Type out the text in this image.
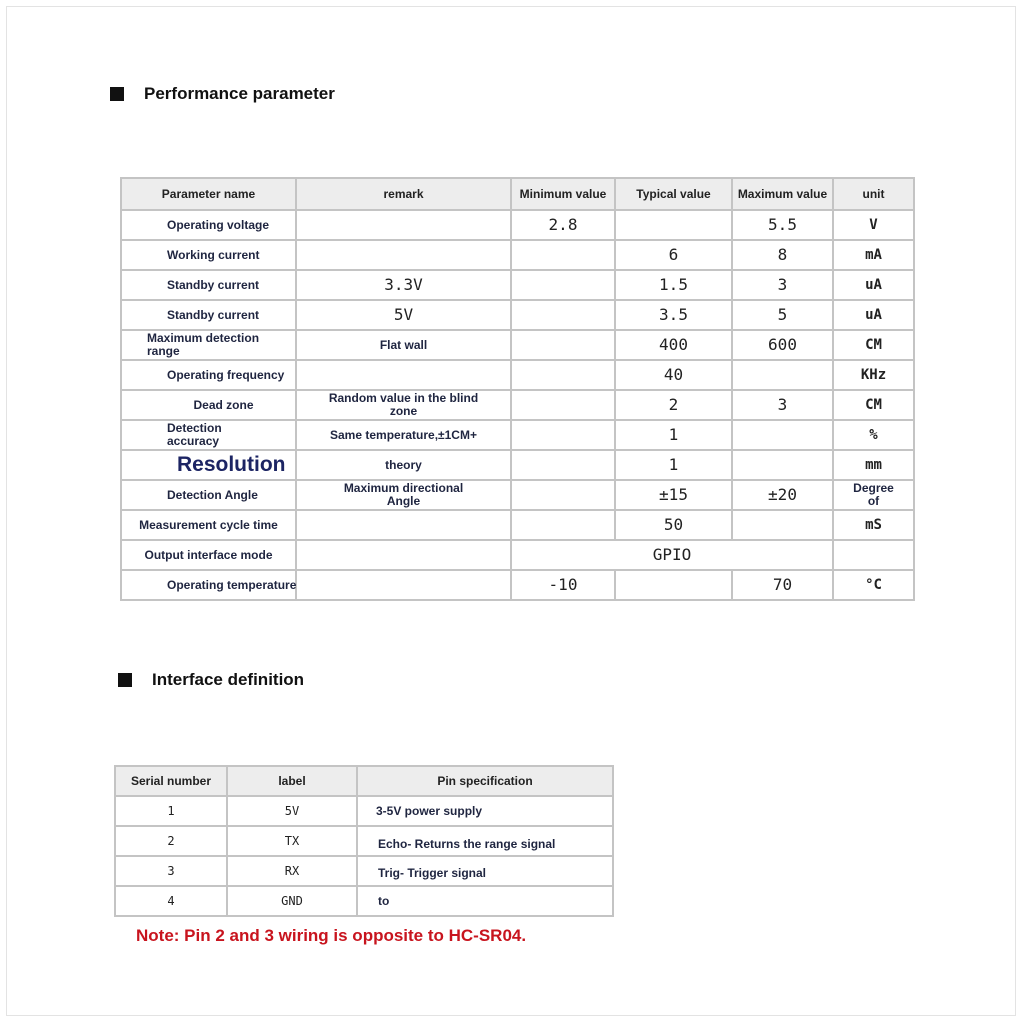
Performance parameter
Parameter name	remark	Minimum value	Typical value	Maximum value	unit
Operating voltage		2.8		5.5	V
Working current			6	8	mA
Standby current	3.3V		1.5	3	uA
Standby current	5V		3.5	5	uA
Maximum detection range	Flat wall		400	600	CM
Operating frequency			40		KHz
Dead zone	Random value in the blind zone		2	3	CM
Detection accuracy	Same temperature,±1CM+		1		%
Resolution	theory		1		mm
Detection Angle	Maximum directional Angle		±15	±20	Degree of
Measurement cycle time			50		mS
Output interface mode		GPIO			
Operating temperature		-10		70	°C
Interface definition
Serial number	label	Pin specification
1	5V	3-5V power supply
2	TX	Echo- Returns the range signal
3	RX	Trig- Trigger signal
4	GND	to
Note: Pin 2 and 3 wiring is opposite to HC-SR04.
